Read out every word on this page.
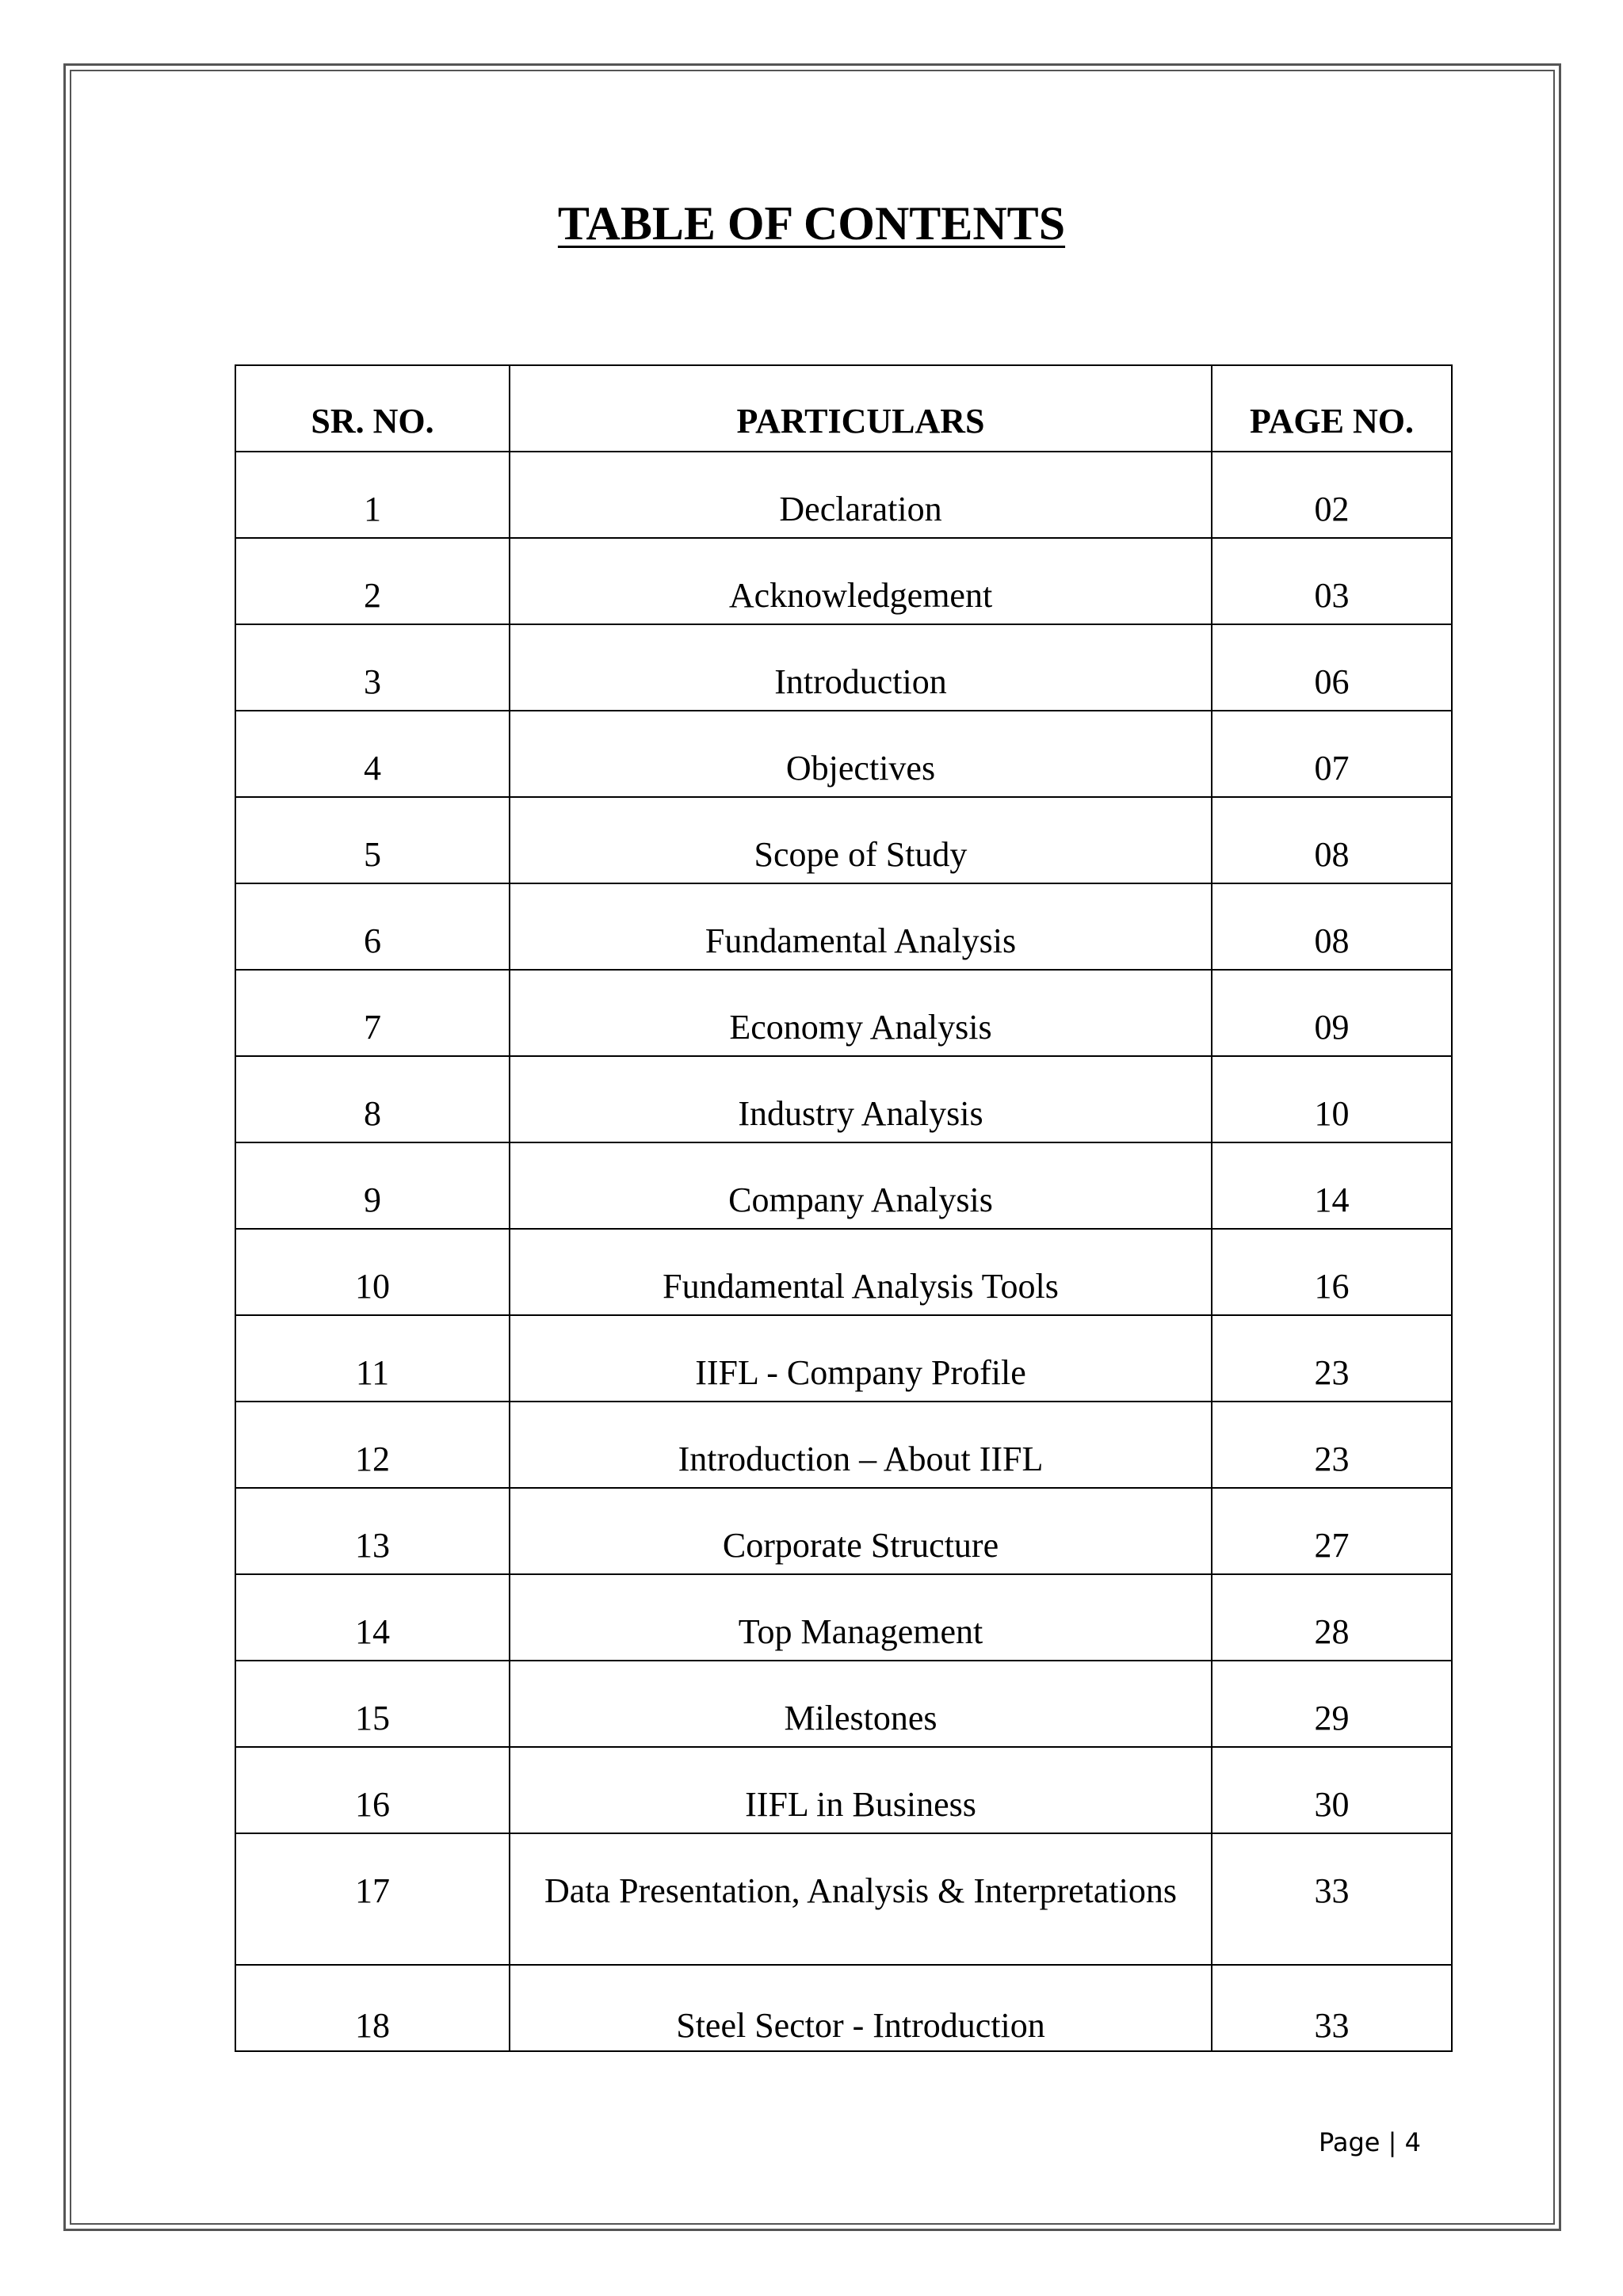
TABLE OF CONTENTS
SR. NO.	PARTICULARS	PAGE NO.
1	Declaration	02
2	Acknowledgement	03
3	Introduction	06
4	Objectives	07
5	Scope of Study	08
6	Fundamental Analysis	08
7	Economy Analysis	09
8	Industry Analysis	10
9	Company Analysis	14
10	Fundamental Analysis Tools	16
11	IIFL - Company Profile	23
12	Introduction – About IIFL	23
13	Corporate Structure	27
14	Top Management	28
15	Milestones	29
16	IIFL in Business	30
17	Data Presentation, Analysis & Interpretations	33
18	Steel Sector - Introduction	33
Page | 4
